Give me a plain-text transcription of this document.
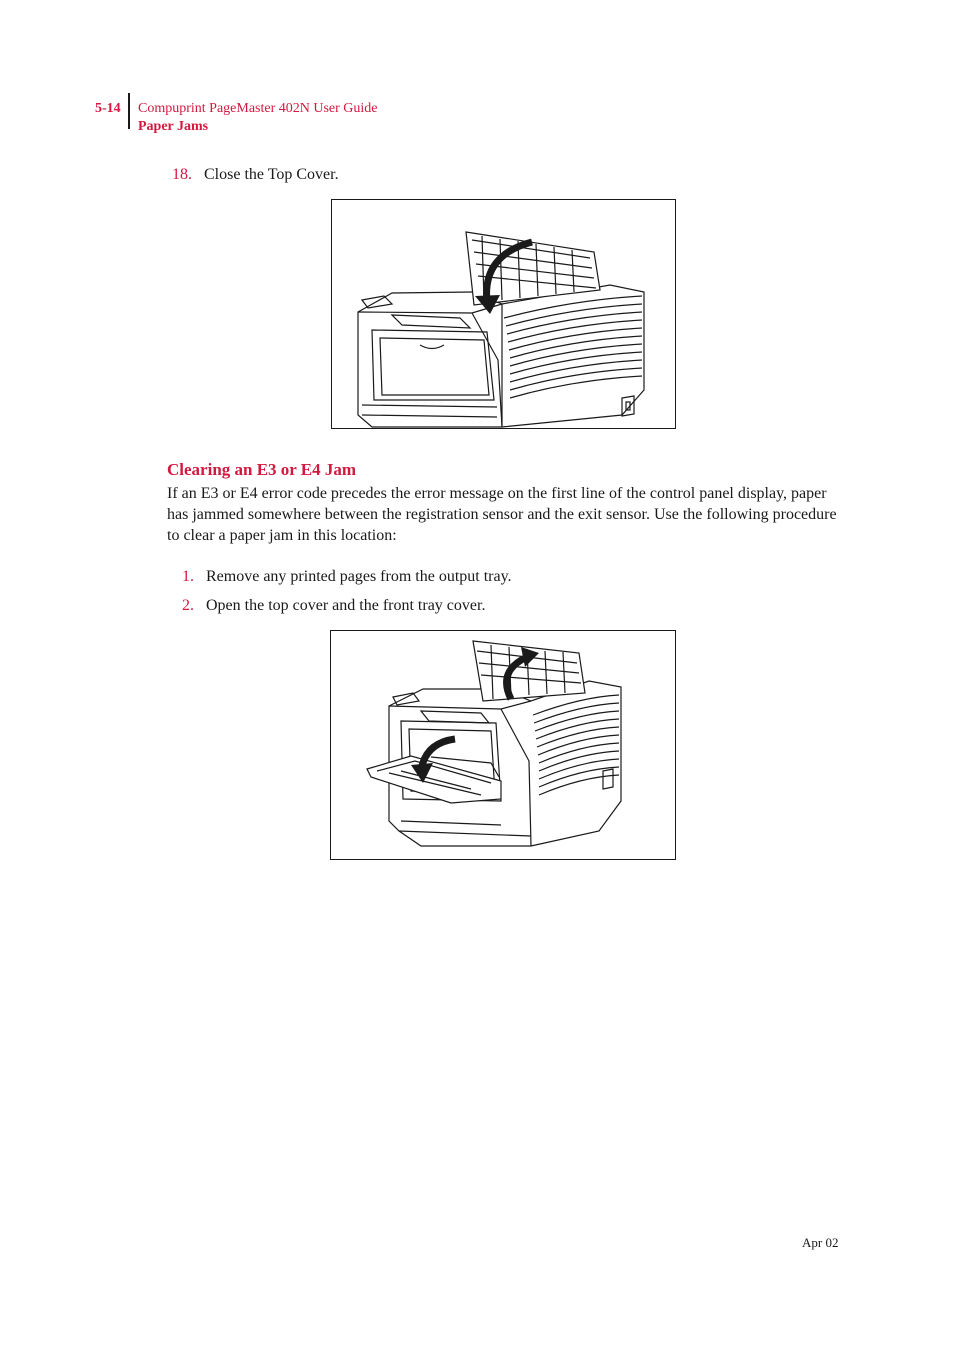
5-14 Compuprint PageMaster 402N User Guide
Paper Jams
18. Close the Top Cover.
Clearing an E3 or E4 Jam
If an E3 or E4 error code precedes the error message on the first line of the control panel display, paper has jammed somewhere between the registration sensor and the exit sensor. Use the following procedure to clear a paper jam in this location:
1. Remove any printed pages from the output tray.
2. Open the top cover and the front tray cover.
Apr 02
